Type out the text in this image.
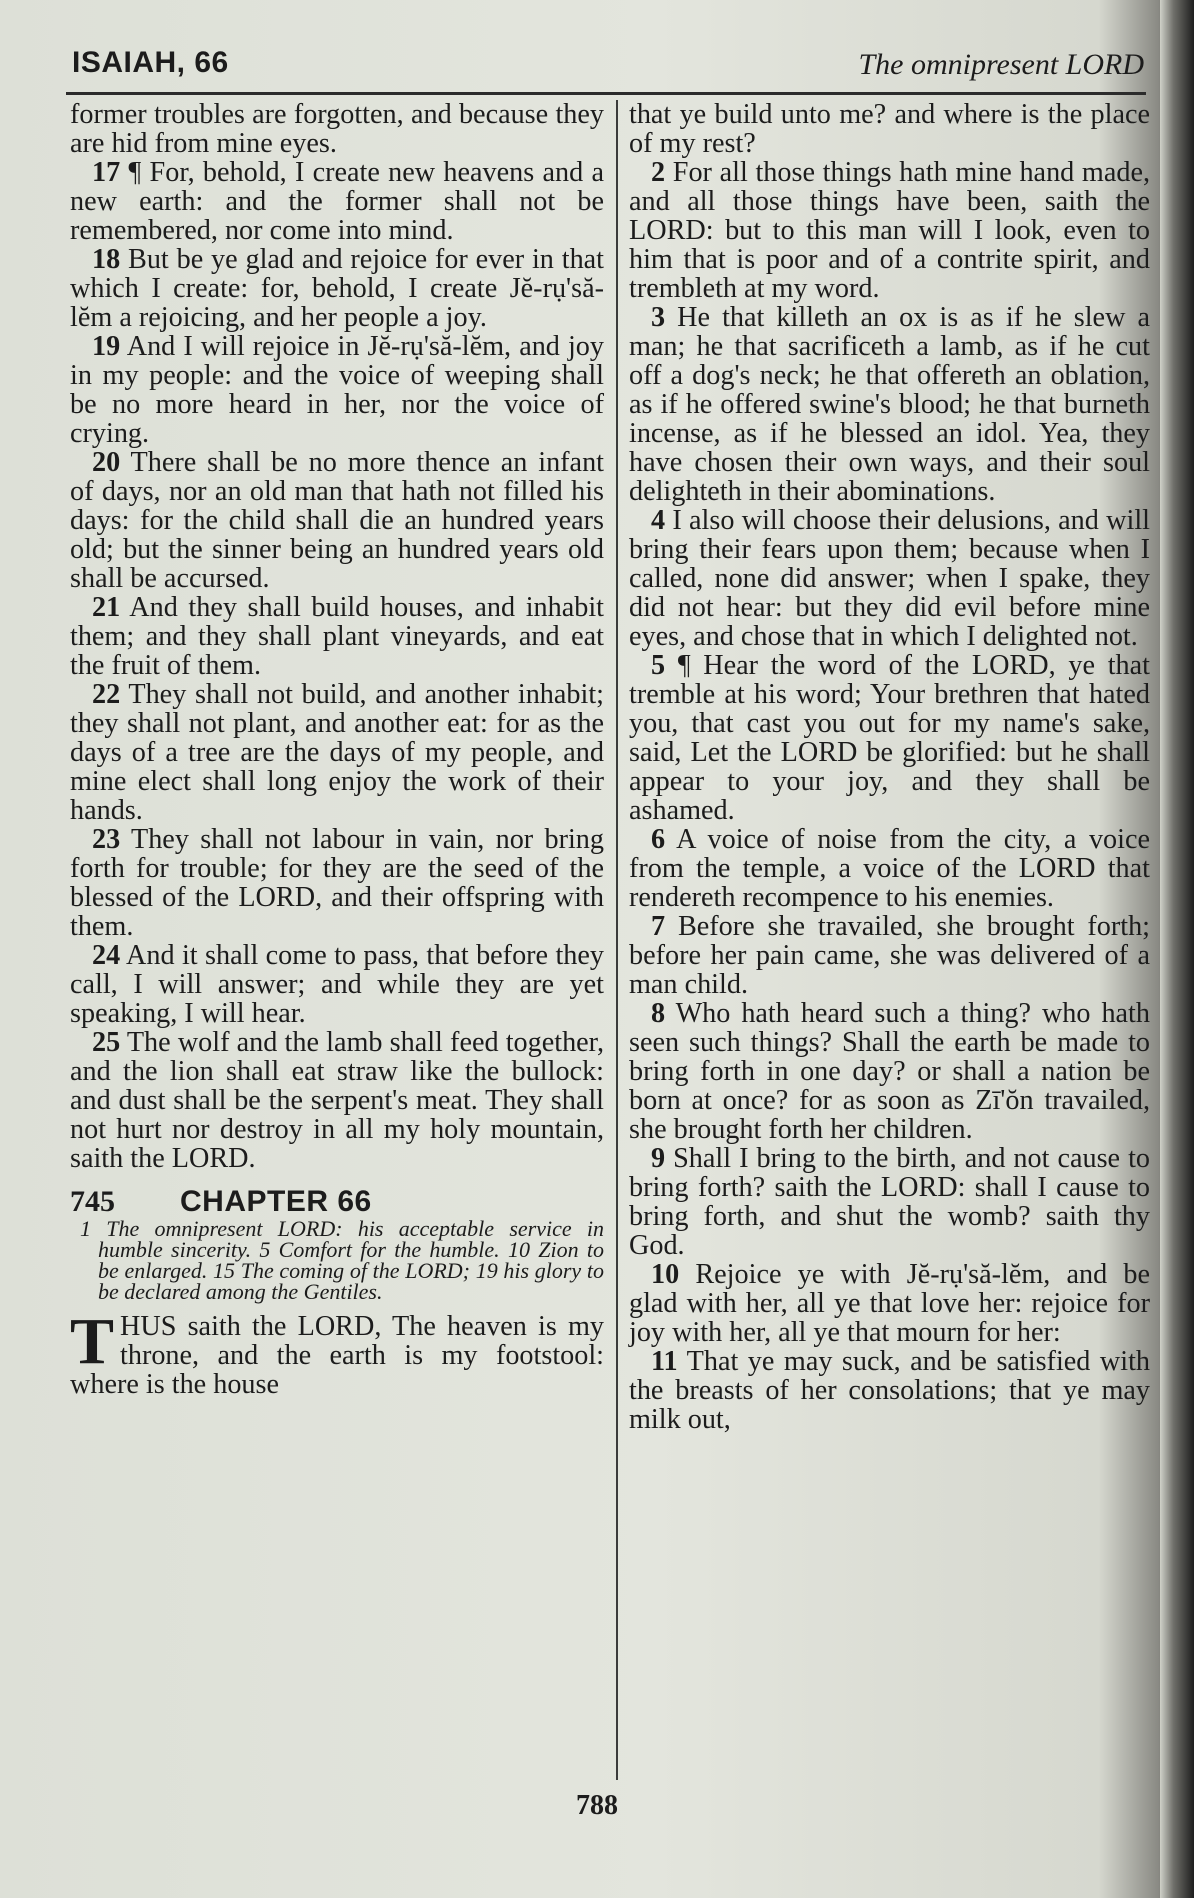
ISAIAH, 66	The omnipresent LORD

former troubles are forgotten, and because they are hid from mine eyes.

17 ¶ For, behold, I create new heavens and a new earth: and the former shall not be remembered, nor come into mind.

18 But be ye glad and rejoice for ever in that which I create: for, behold, I create Jĕ-rụ'să-lĕm a rejoicing, and her people a joy.

19 And I will rejoice in Jĕ-rụ'să-lĕm, and joy in my people: and the voice of weeping shall be no more heard in her, nor the voice of crying.

20 There shall be no more thence an infant of days, nor an old man that hath not filled his days: for the child shall die an hundred years old; but the sinner being an hundred years old shall be accursed.

21 And they shall build houses, and inhabit them; and they shall plant vineyards, and eat the fruit of them.

22 They shall not build, and another inhabit; they shall not plant, and another eat: for as the days of a tree are the days of my people, and mine elect shall long enjoy the work of their hands.

23 They shall not labour in vain, nor bring forth for trouble; for they are the seed of the blessed of the LORD, and their offspring with them.

24 And it shall come to pass, that before they call, I will answer; and while they are yet speaking, I will hear.

25 The wolf and the lamb shall feed together, and the lion shall eat straw like the bullock: and dust shall be the serpent's meat. They shall not hurt nor destroy in all my holy mountain, saith the LORD.

745	CHAPTER 66

1 The omnipresent LORD: his acceptable service in humble sincerity. 5 Comfort for the humble. 10 Zion to be enlarged. 15 The coming of the LORD; 19 his glory to be declared among the Gentiles.

T HUS saith the LORD, The heaven is my throne, and the earth is my footstool: where is the house

that ye build unto me? and where is the place of my rest?

2 For all those things hath mine hand made, and all those things have been, saith the LORD: but to this man will I look, even to him that is poor and of a contrite spirit, and trembleth at my word.

3 He that killeth an ox is as if he slew a man; he that sacrificeth a lamb, as if he cut off a dog's neck; he that offereth an oblation, as if he offered swine's blood; he that burneth incense, as if he blessed an idol. Yea, they have chosen their own ways, and their soul delighteth in their abominations.

4 I also will choose their delusions, and will bring their fears upon them; because when I called, none did answer; when I spake, they did not hear: but they did evil before mine eyes, and chose that in which I delighted not.

5 ¶ Hear the word of the LORD, ye that tremble at his word; Your brethren that hated you, that cast you out for my name's sake, said, Let the LORD be glorified: but he shall appear to your joy, and they shall be ashamed.

6 A voice of noise from the city, a voice from the temple, a voice of the LORD that rendereth recompence to his enemies.

7 Before she travailed, she brought forth; before her pain came, she was delivered of a man child.

8 Who hath heard such a thing? who hath seen such things? Shall the earth be made to bring forth in one day? or shall a nation be born at once? for as soon as Zī'ŏn travailed, she brought forth her children.

9 Shall I bring to the birth, and not cause to bring forth? saith the LORD: shall I cause to bring forth, and shut the womb? saith thy God.

10 Rejoice ye with Jĕ-rụ'să-lĕm, and be glad with her, all ye that love her: rejoice for joy with her, all ye that mourn for her:

11 That ye may suck, and be satisfied with the breasts of her consolations; that ye may milk out,

788
